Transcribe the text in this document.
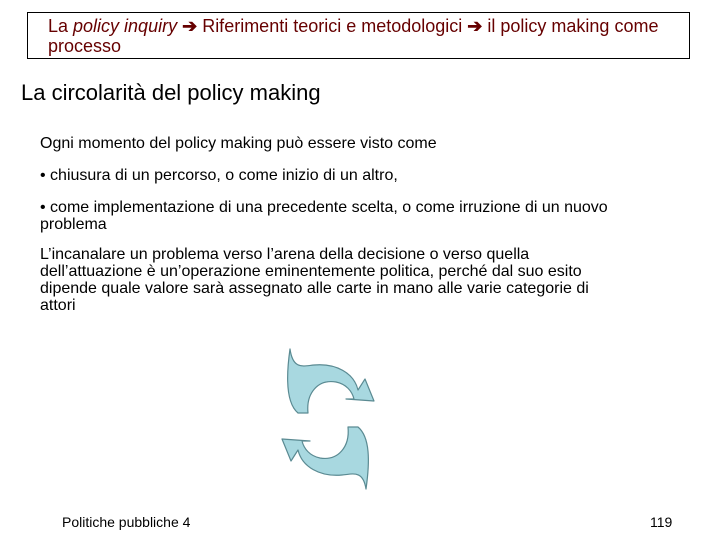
La policy inquiry ➔ Riferimenti teorici e metodologici ➔ il policy making come processo
La circolarità del policy making
Ogni momento del policy making può essere visto come
• chiusura di un percorso, o come inizio di un altro,
• come implementazione di una precedente scelta, o come irruzione di un nuovo problema
L’incanalare un problema verso l’arena della decisione o verso quella dell’attuazione è un’operazione eminentemente politica, perché dal suo esito dipende quale valore sarà assegnato alle carte in mano alle varie categorie di attori
Politiche pubbliche 4	119
